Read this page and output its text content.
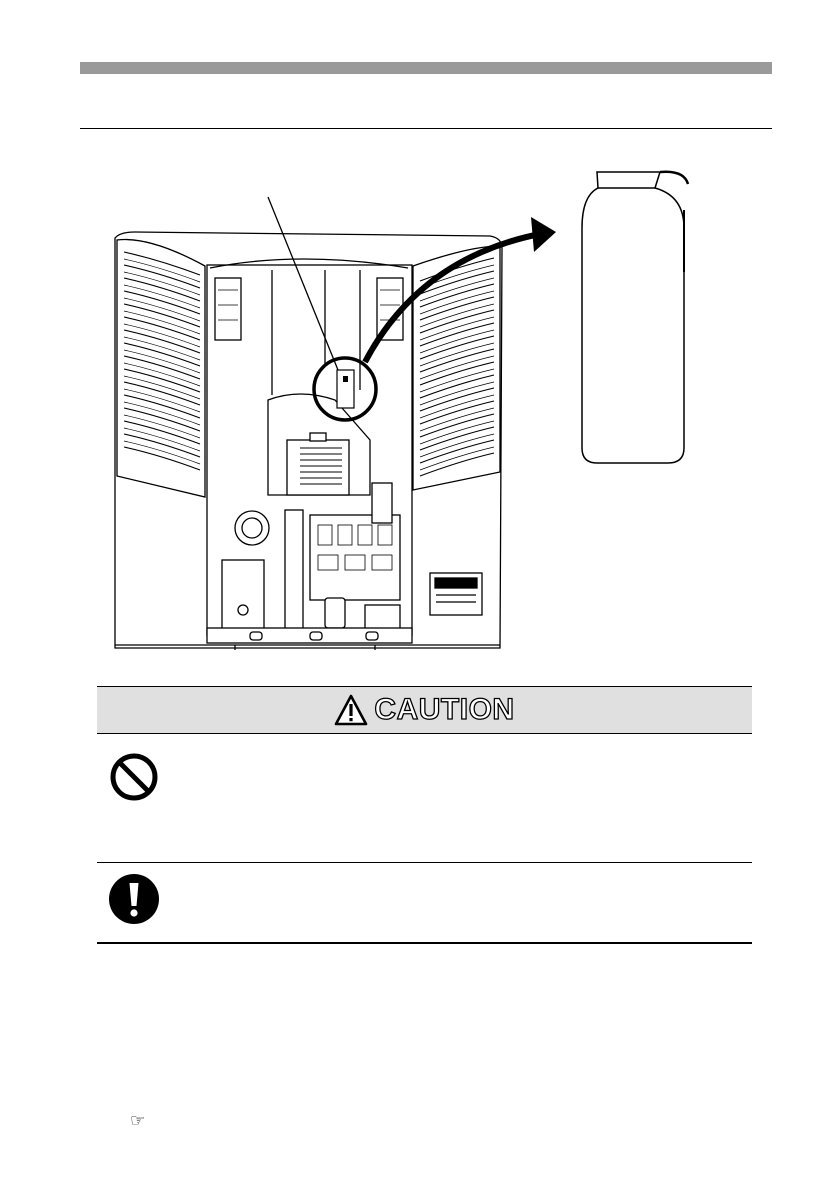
CAUTION
☞
